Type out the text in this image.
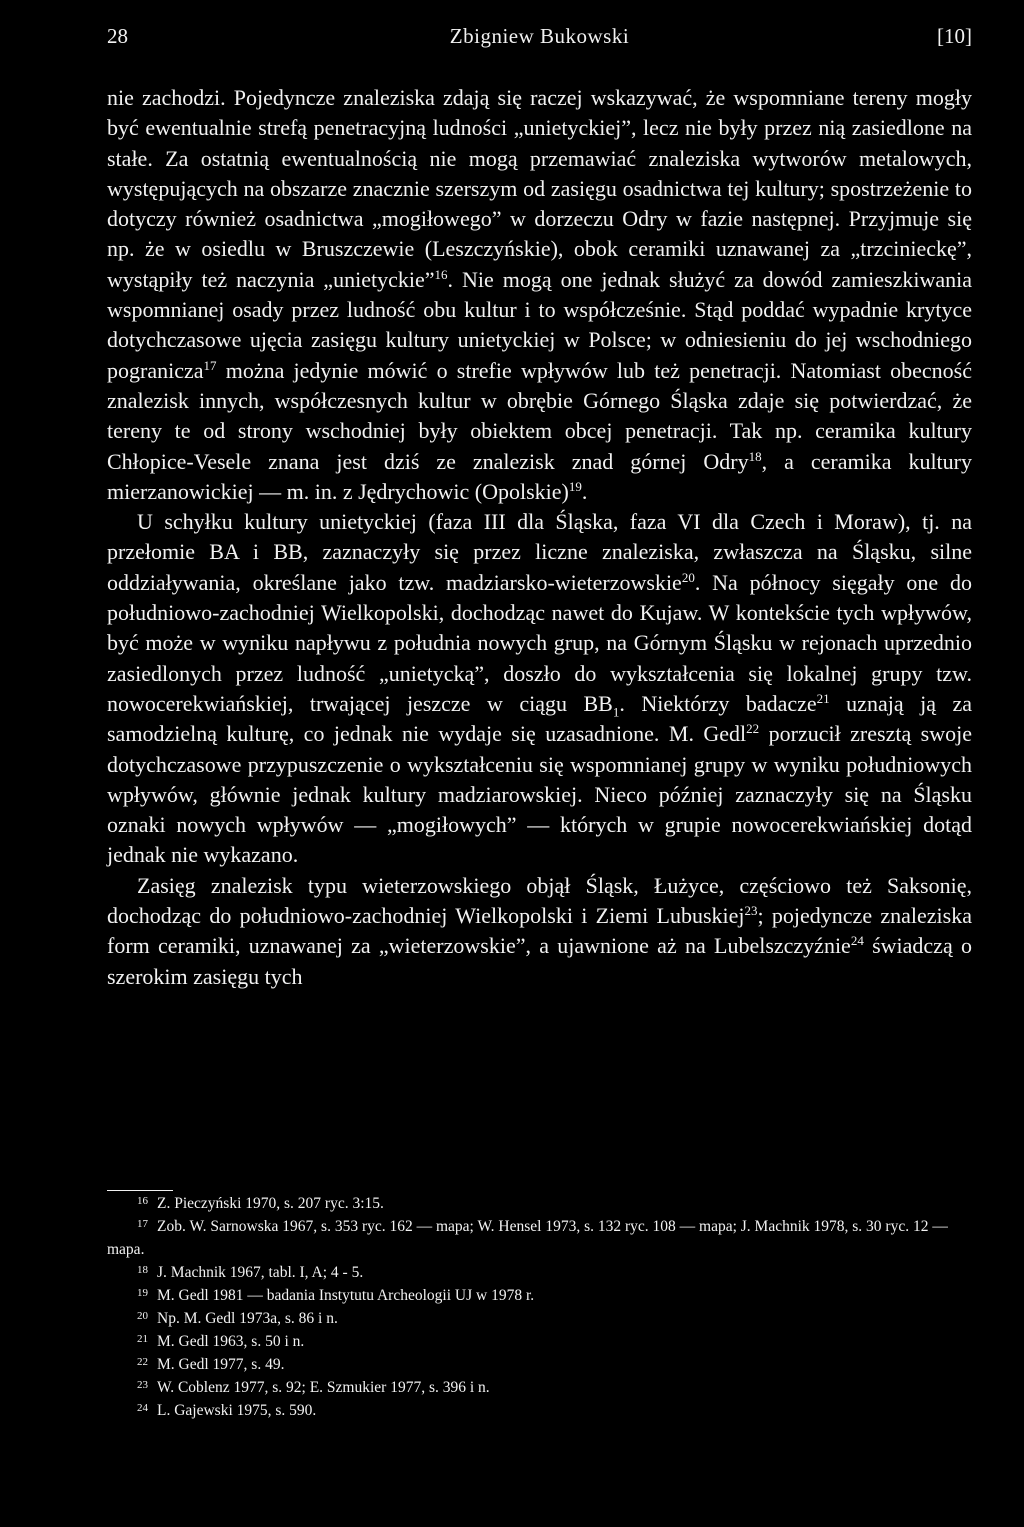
28	Zbigniew Bukowski	[10]

nie zachodzi. Pojedyncze znaleziska zdają się raczej wskazywać, że wspomniane tereny mogły być ewentualnie strefą penetracyjną ludności „unietyckiej”, lecz nie były przez nią zasiedlone na stałe. Za ostatnią ewentualnością nie mogą przemawiać znaleziska wytworów metalowych, występujących na obszarze znacznie szerszym od zasięgu osadnictwa tej kultury; spostrzeżenie to dotyczy również osadnictwa „mogiłowego” w dorzeczu Odry w fazie następnej. Przyjmuje się np. że w osiedlu w Bruszczewie (Leszczyńskie), obok ceramiki uznawanej za „trzcinieckę”, wystąpiły też naczynia „unietyckie”$^{16}$. Nie mogą one jednak służyć za dowód zamieszkiwania wspomnianej osady przez ludność obu kultur i to współcześnie. Stąd poddać wypadnie krytyce dotychczasowe ujęcia zasięgu kultury unietyckiej w Polsce; w odniesieniu do jej wschodniego pogranicza$^{17}$ można jedynie mówić o strefie wpływów lub też penetracji. Natomiast obecność znalezisk innych, współczesnych kultur w obrębie Górnego Śląska zdaje się potwierdzać, że tereny te od strony wschodniej były obiektem obcej penetracji. Tak np. ceramika kultury Chłopice-Vesele znana jest dziś ze znalezisk znad górnej Odry$^{18}$, a ceramika kultury mierzanowickiej — m. in. z Jędrychowic (Opolskie)$^{19}$.

U schyłku kultury unietyckiej (faza III dla Śląska, faza VI dla Czech i Moraw), tj. na przełomie BA i BB, zaznaczyły się przez liczne znaleziska, zwłaszcza na Śląsku, silne oddziaływania, określane jako tzw. madziarsko-wieterzowskie$^{20}$. Na północy sięgały one do południowo-zachodniej Wielkopolski, dochodząc nawet do Kujaw. W kontekście tych wpływów, być może w wyniku napływu z południa nowych grup, na Górnym Śląsku w rejonach uprzednio zasiedlonych przez ludność „unietycką”, doszło do wykształcenia się lokalnej grupy tzw. nowocerekwiańskiej, trwającej jeszcze w ciągu $BB_1$. Niektórzy badacze$^{21}$ uznają ją za samodzielną kulturę, co jednak nie wydaje się uzasadnione. M. Gedl$^{22}$ porzucił zresztą swoje dotychczasowe przypuszczenie o wykształceniu się wspomnianej grupy w wyniku południowych wpływów, głównie jednak kultury madziarowskiej. Nieco później zaznaczyły się na Śląsku oznaki nowych wpływów — „mogiłowych” — których w grupie nowocerekwiańskiej dotąd jednak nie wykazano.

Zasięg znalezisk typu wieterzowskiego objął Śląsk, Łużyce, częściowo też Saksonię, dochodząc do południowo-zachodniej Wielkopolski i Ziemi Lubuskiej$^{23}$; pojedyncze znaleziska form ceramiki, uznawanej za „wieterzowskie”, a ujawnione aż na Lubelszczyźnie$^{24}$ świadczą o szerokim zasięgu tych

16 Z. Pieczyński 1970, s. 207 ryc. 3:15.
17 Zob. W. Sarnowska 1967, s. 353 ryc. 162 — mapa; W. Hensel 1973, s. 132 ryc. 108 — mapa; J. Machnik 1978, s. 30 ryc. 12 — mapa.
18 J. Machnik 1967, tabl. I, A; 4 - 5.
19 M. Gedl 1981 — badania Instytutu Archeologii UJ w 1978 r.
20 Np. M. Gedl 1973a, s. 86 i n.
21 M. Gedl 1963, s. 50 i n.
22 M. Gedl 1977, s. 49.
23 W. Coblenz 1977, s. 92; E. Szmukier 1977, s. 396 i n.
24 L. Gajewski 1975, s. 590.
